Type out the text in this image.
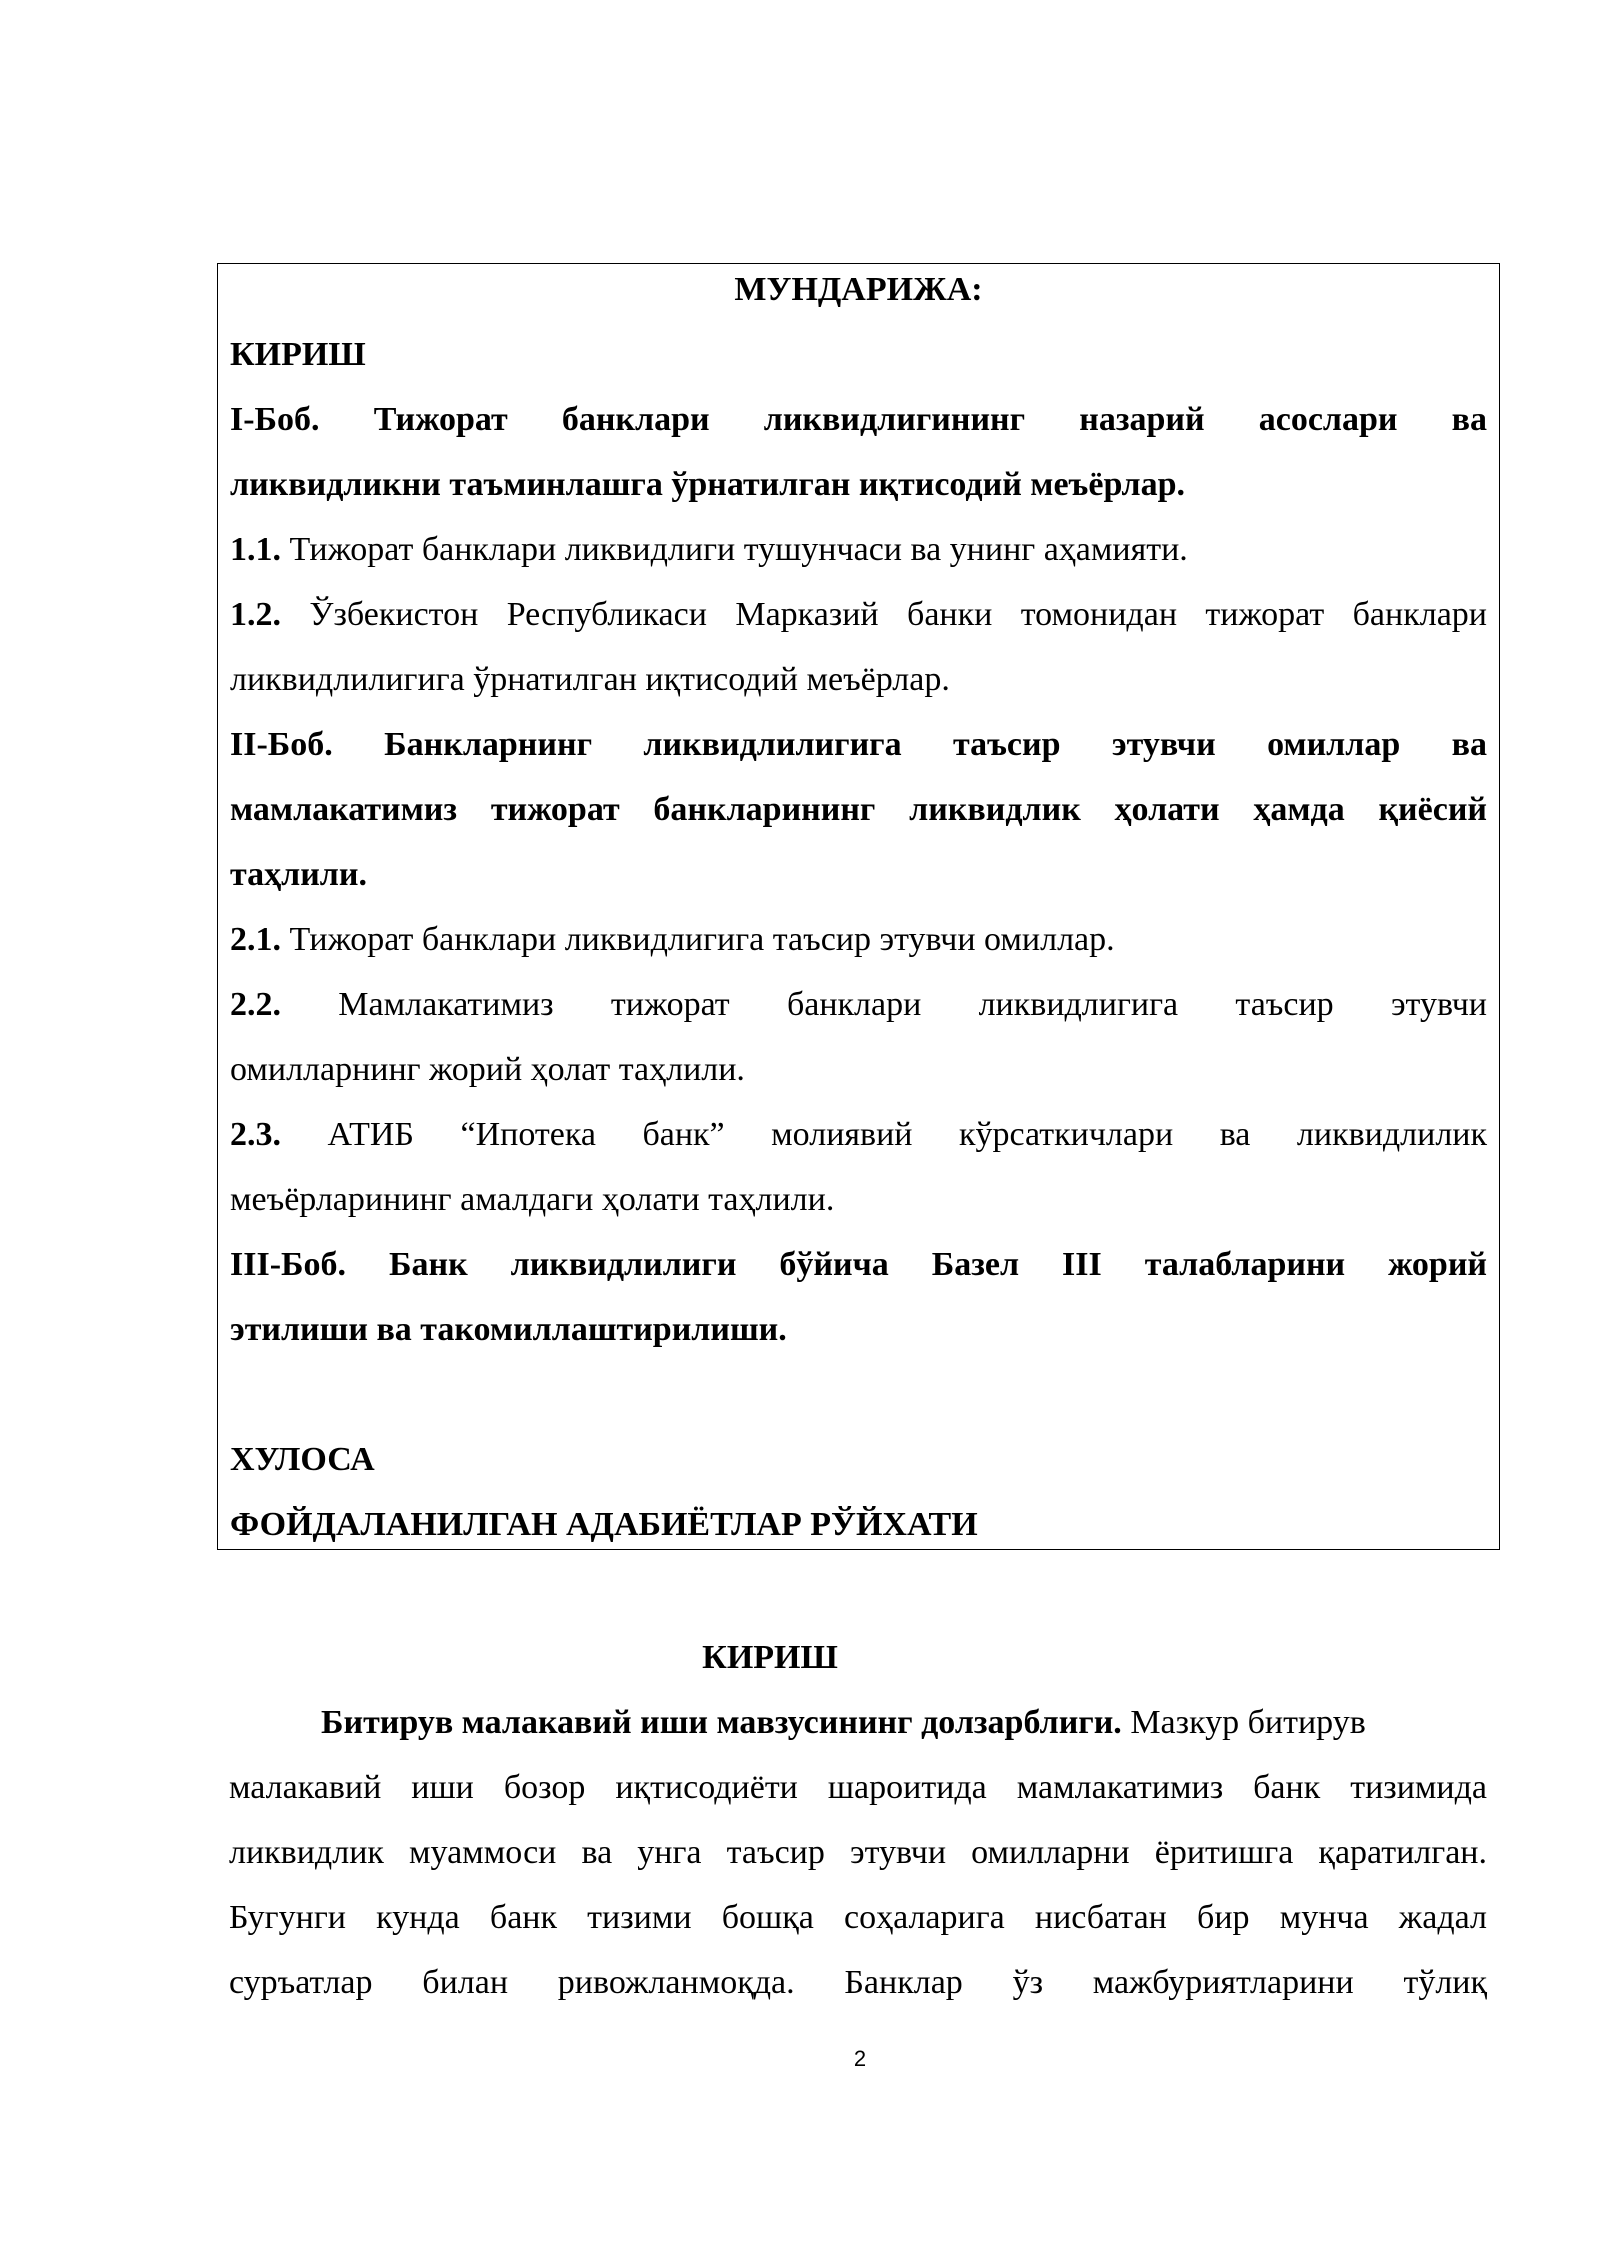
МУНДАРИЖА:
КИРИШ
I-Боб. Тижорат банклари ликвидлигининг назарий асослари ва
ликвидликни таъминлашга ўрнатилган иқтисодий меъёрлар.
1.1. Тижорат банклари ликвидлиги тушунчаси ва унинг аҳамияти.
1.2. Ўзбекистон Республикаси Марказий банки томонидан тижорат банклари
ликвидлилигига ўрнатилган иқтисодий меъёрлар.
II-Боб. Банкларнинг ликвидлилигига таъсир этувчи омиллар ва
мамлакатимиз тижорат банкларининг ликвидлик ҳолати ҳамда қиёсий
таҳлили.
2.1. Тижорат банклари ликвидлигига таъсир этувчи омиллар.
2.2. Мамлакатимиз тижорат банклари ликвидлигига таъсир этувчи
омилларнинг жорий ҳолат таҳлили.
2.3. АТИБ “Ипотека банк” молиявий кўрсаткичлари ва ликвидлилик
меъёрларининг амалдаги ҳолати таҳлили.
III-Боб. Банк ликвидлилиги бўйича Базел III талабларини жорий
этилиши ва такомиллаштирилиши.
ХУЛОСА
ФОЙДАЛАНИЛГАН АДАБИЁТЛАР РЎЙХАТИ
КИРИШ
Битирув малакавий иши мавзусининг долзарблиги. Мазкур битирув
малакавий иши бозор иқтисодиёти шароитида мамлакатимиз банк тизимида
ликвидлик муаммоси ва унга таъсир этувчи омилларни ёритишга қаратилган.
Бугунги кунда банк тизими бошқа соҳаларига нисбатан бир мунча жадал
суръатлар билан ривожланмоқда. Банклар ўз мажбуриятларини тўлиқ
2
